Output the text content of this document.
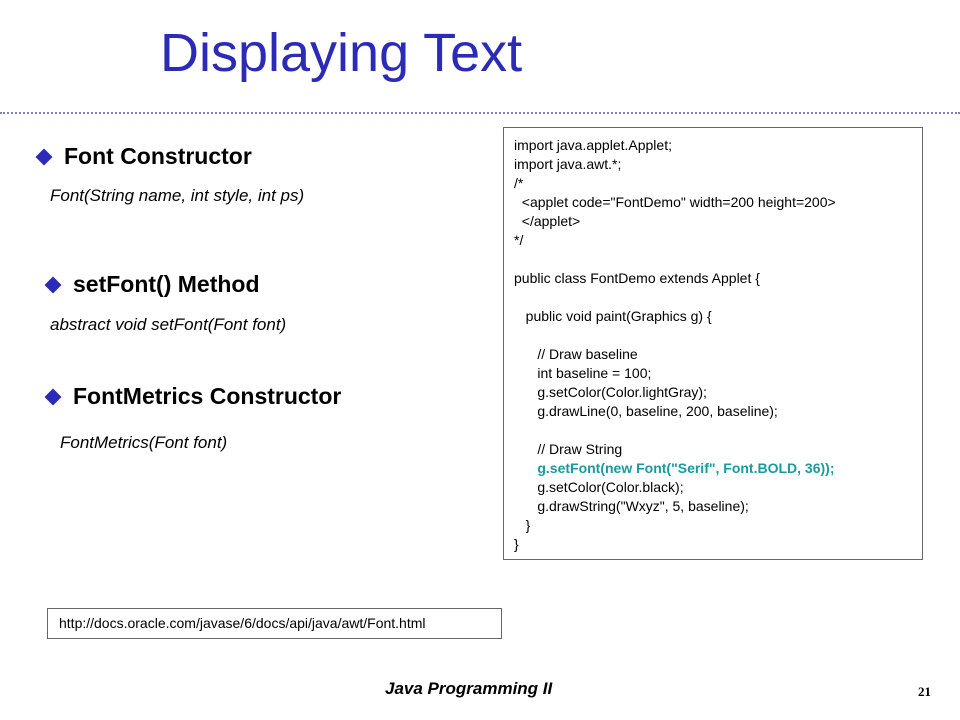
Displaying Text
Font Constructor
Font(String name, int style, int ps)
setFont() Method
abstract void setFont(Font font)
FontMetrics Constructor
FontMetrics(Font font)
import java.applet.Applet;
import java.awt.*;
/*
<applet code="FontDemo" width=200 height=200>
</applet>
*/
public class FontDemo extends Applet {
public void paint(Graphics g) {
// Draw baseline
int baseline = 100;
g.setColor(Color.lightGray);
g.drawLine(0, baseline, 200, baseline);
// Draw String
g.setFont(new Font("Serif", Font.BOLD, 36));
g.setColor(Color.black);
g.drawString("Wxyz", 5, baseline);
}
}
http://docs.oracle.com/javase/6/docs/api/java/awt/Font.html
Java Programming II	21
